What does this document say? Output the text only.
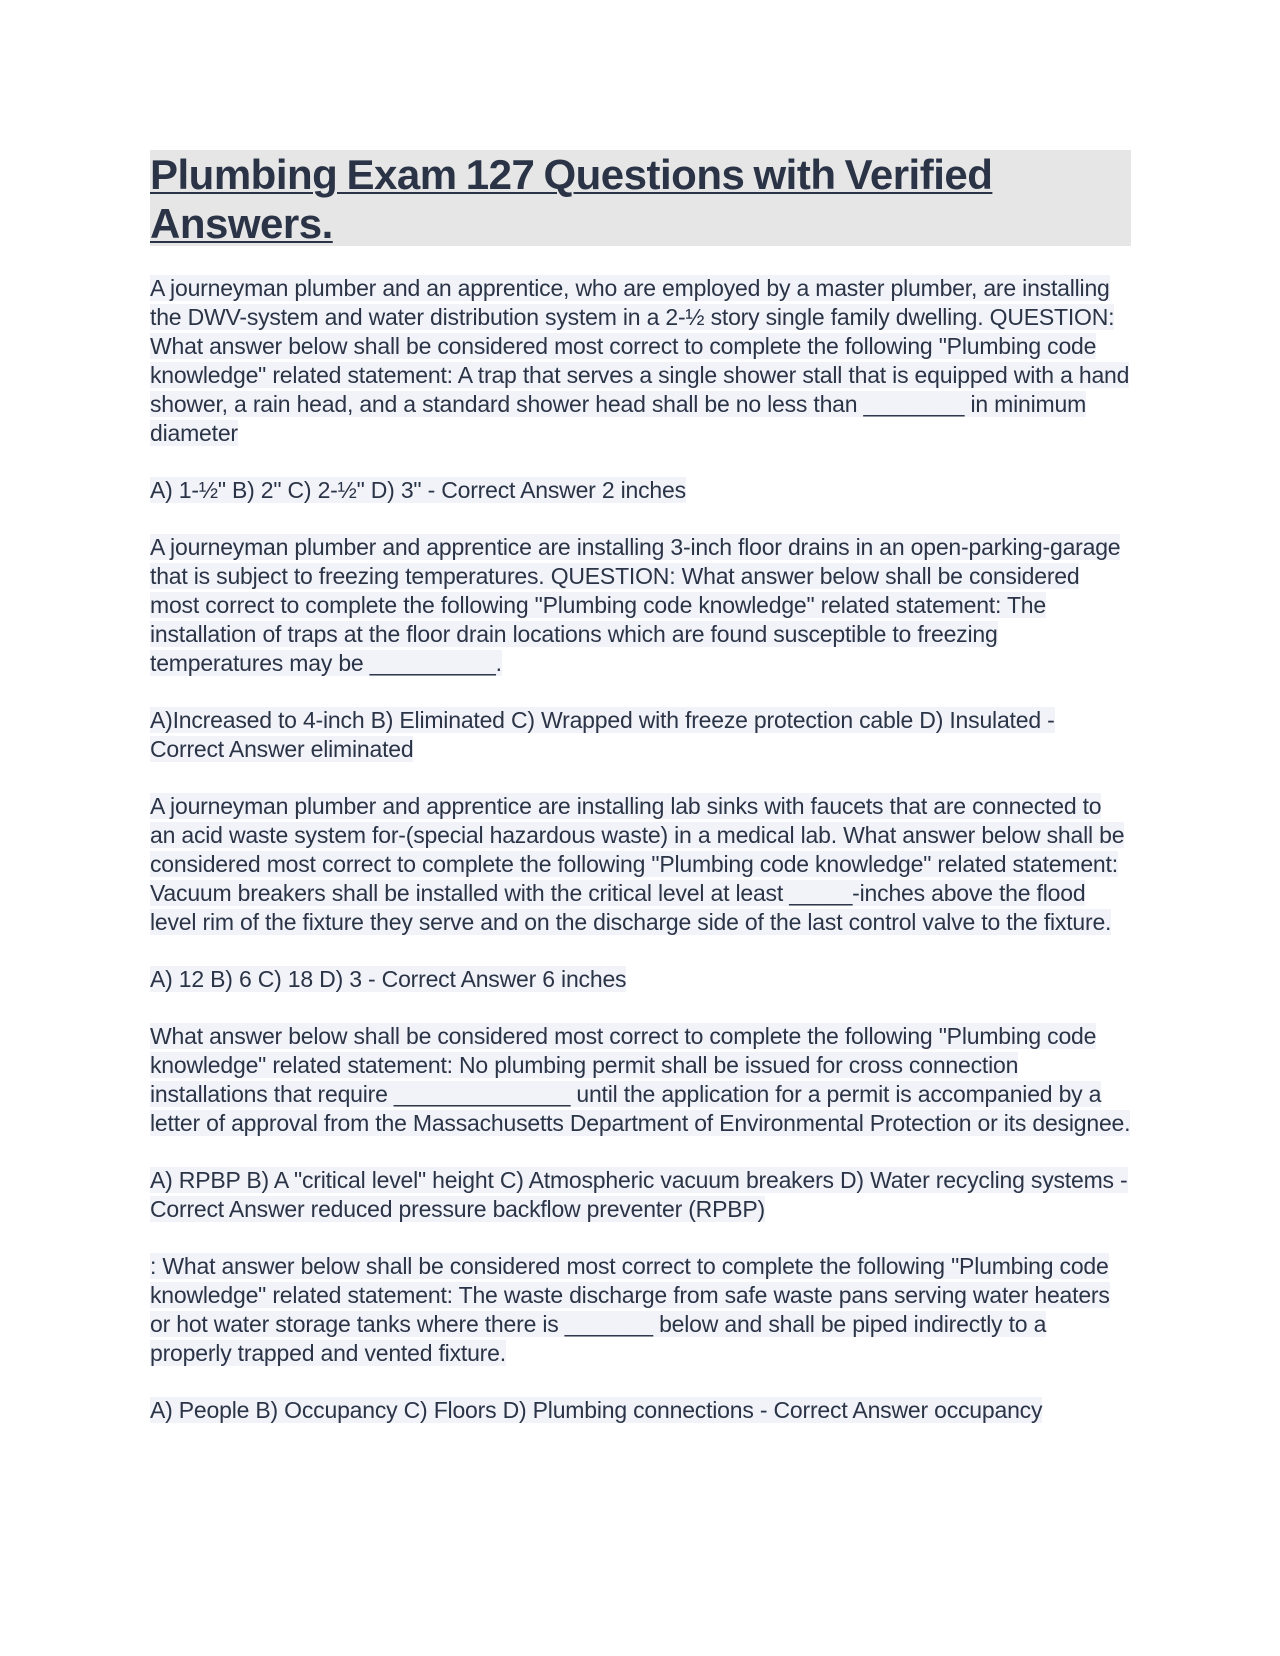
Plumbing Exam 127 Questions with Verified Answers.

A journeyman plumber and an apprentice, who are employed by a master plumber, are installing the DWV-system and water distribution system in a 2-½ story single family dwelling. QUESTION: What answer below shall be considered most correct to complete the following "Plumbing code knowledge" related statement: A trap that serves a single shower stall that is equipped with a hand shower, a rain head, and a standard shower head shall be no less than ________ in minimum diameter

A) 1-½" B) 2" C) 2-½" D) 3" - Correct Answer 2 inches

A journeyman plumber and apprentice are installing 3-inch floor drains in an open-parking-garage that is subject to freezing temperatures. QUESTION: What answer below shall be considered most correct to complete the following "Plumbing code knowledge" related statement: The installation of traps at the floor drain locations which are found susceptible to freezing temperatures may be __________.

A)Increased to 4-inch B) Eliminated C) Wrapped with freeze protection cable D) Insulated - Correct Answer eliminated

A journeyman plumber and apprentice are installing lab sinks with faucets that are connected to an acid waste system for-(special hazardous waste) in a medical lab. What answer below shall be considered most correct to complete the following "Plumbing code knowledge" related statement: Vacuum breakers shall be installed with the critical level at least _____-inches above the flood level rim of the fixture they serve and on the discharge side of the last control valve to the fixture.

A) 12 B) 6 C) 18 D) 3 - Correct Answer 6 inches

What answer below shall be considered most correct to complete the following "Plumbing code knowledge" related statement: No plumbing permit shall be issued for cross connection installations that require ______________ until the application for a permit is accompanied by a letter of approval from the Massachusetts Department of Environmental Protection or its designee.

A) RPBP B) A "critical level" height C) Atmospheric vacuum breakers D) Water recycling systems - Correct Answer reduced pressure backflow preventer (RPBP)

: What answer below shall be considered most correct to complete the following "Plumbing code knowledge" related statement: The waste discharge from safe waste pans serving water heaters or hot water storage tanks where there is _______ below and shall be piped indirectly to a properly trapped and vented fixture.

A) People B) Occupancy C) Floors D) Plumbing connections - Correct Answer occupancy
